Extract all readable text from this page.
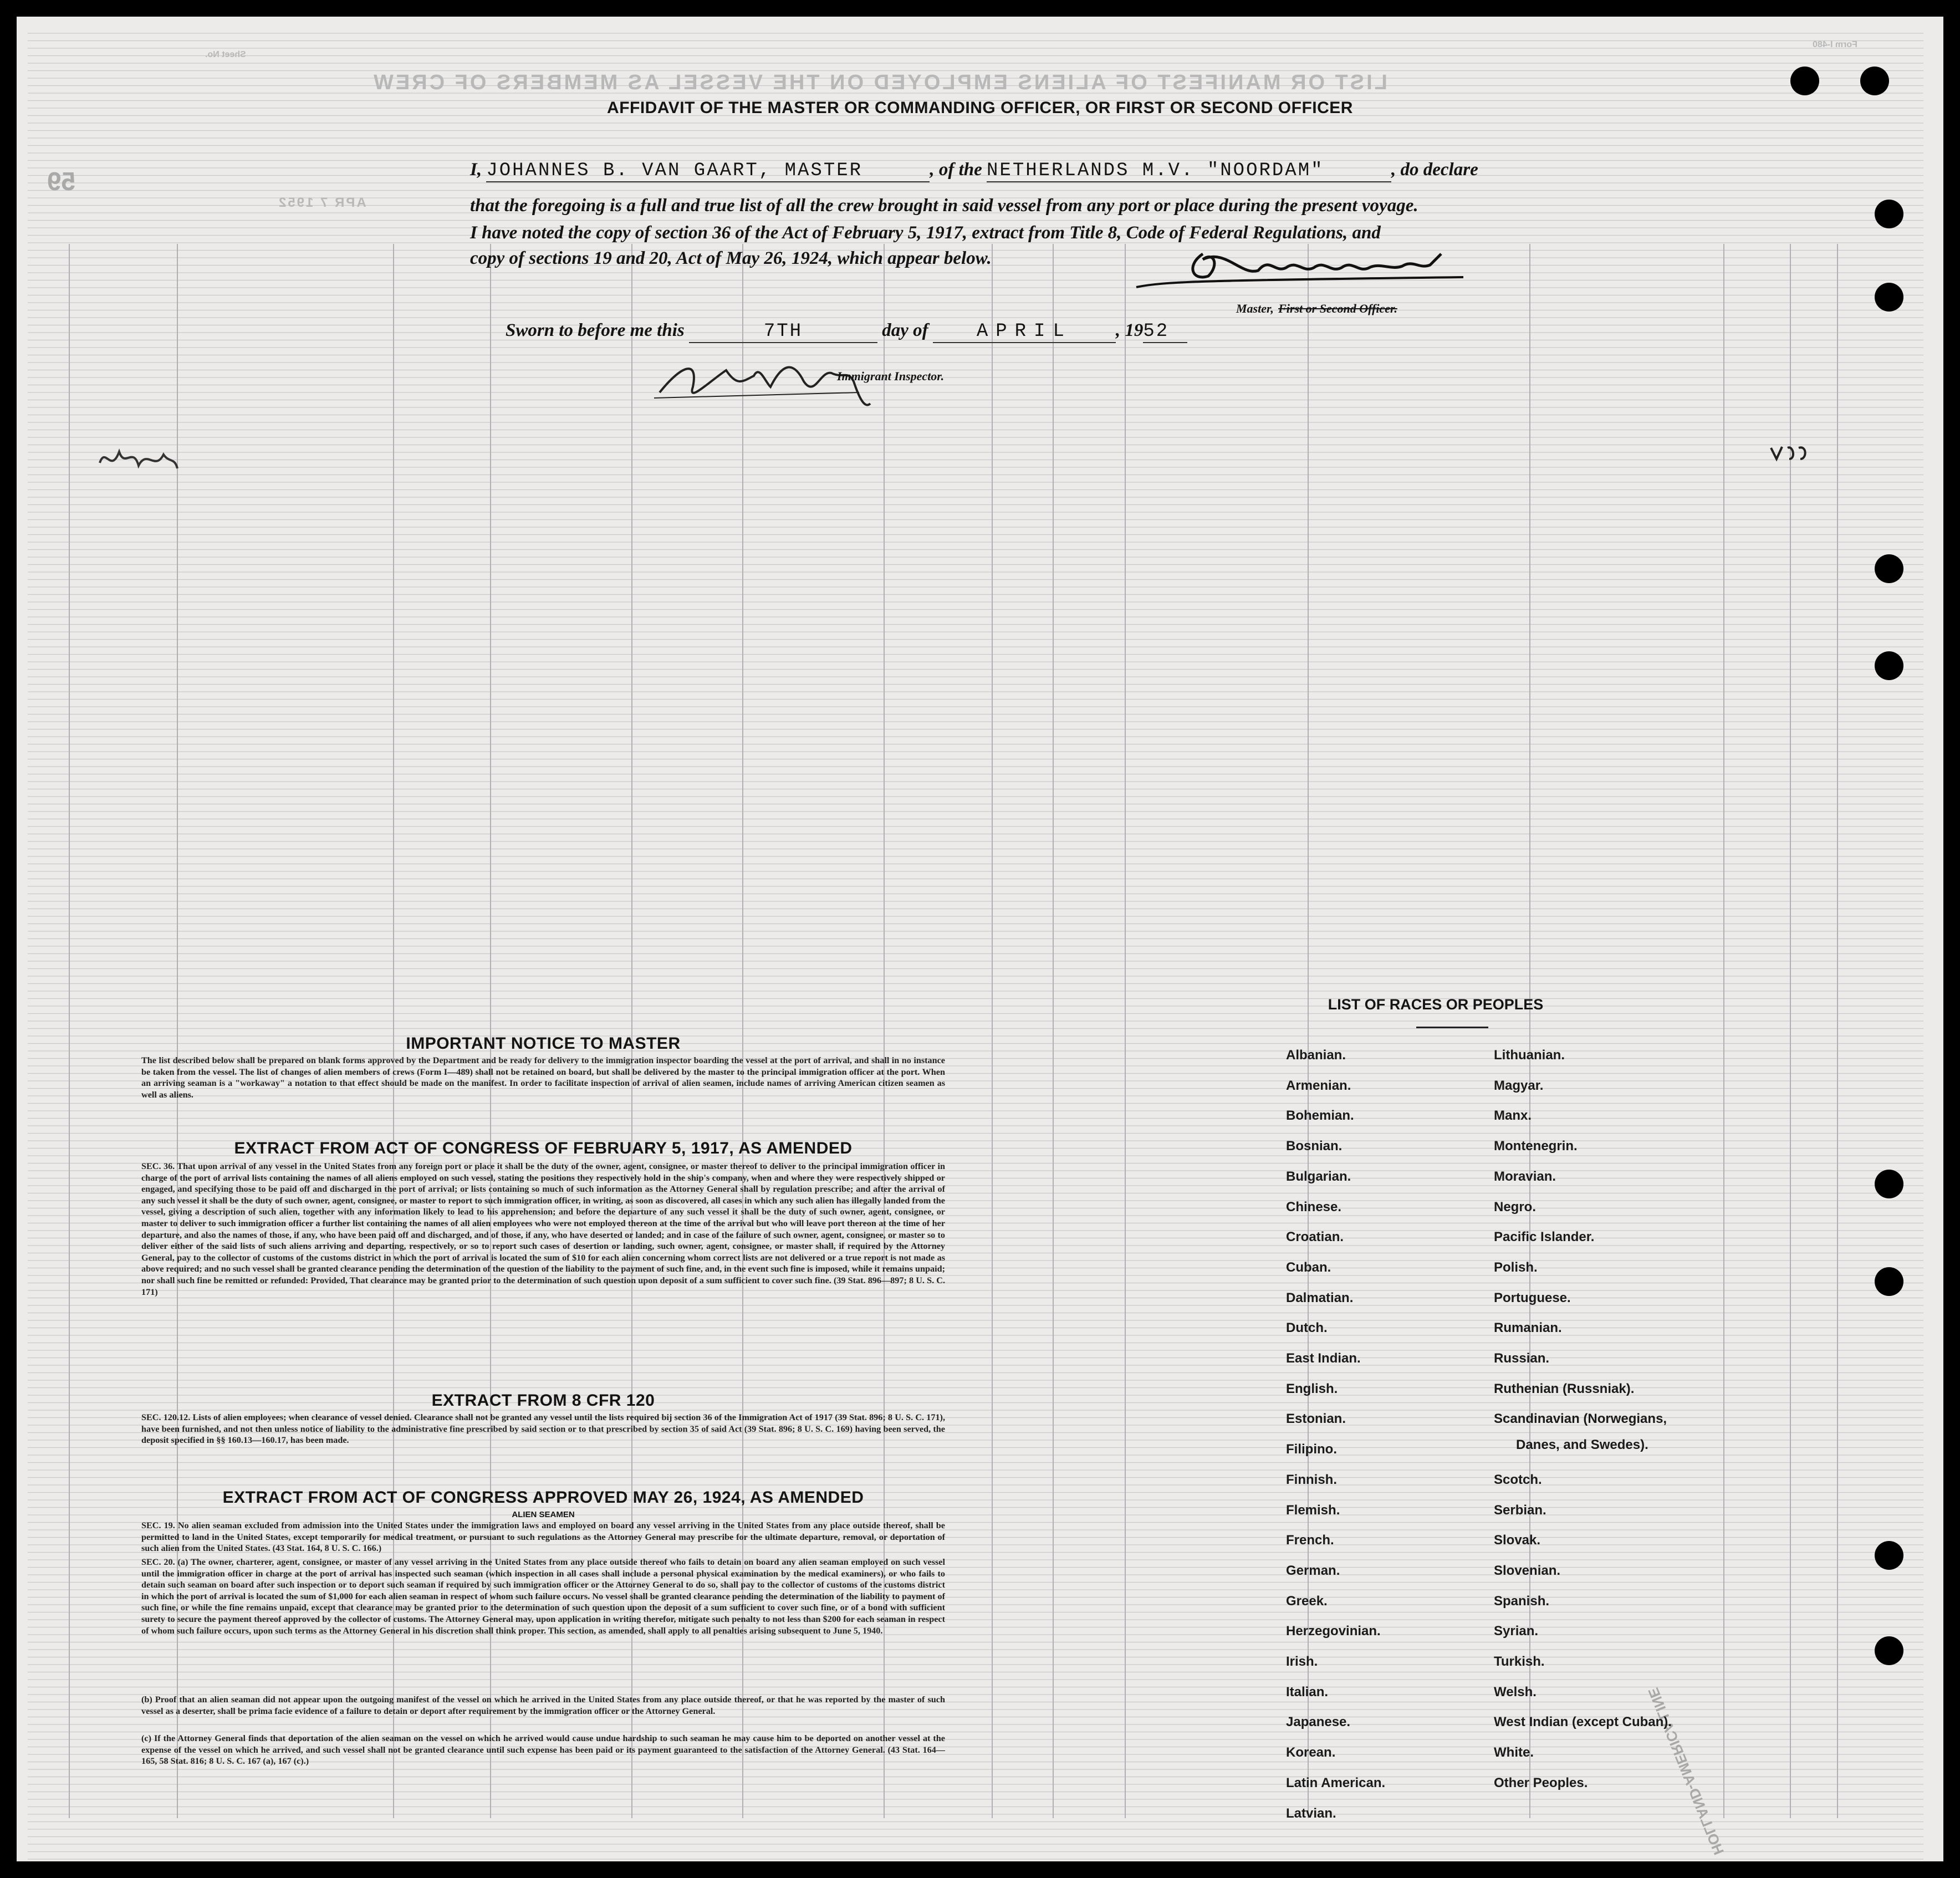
LIST OR MANIFEST OF ALIENS EMPLOYED ON THE VESSEL AS MEMBERS OF CREW
Form I-480
Sheet No.
59
APR 7 1952
HOLLAND-AMERICA LINE
AFFIDAVIT OF THE MASTER OR COMMANDING OFFICER, OR FIRST OR SECOND OFFICER
I, JOHANNES B. VAN GAART, MASTER	, of the NETHERLANDS M.V. "NOORDAM"	, do declare
that the foregoing is a full and true list of all the crew brought in said vessel from any port or place during the present voyage.
I have noted the copy of section 36 of the Act of February 5, 1917, extract from Title 8, Code of Federal Regulations, and
copy of sections 19 and 20, Act of May 26, 1924, which appear below.
Master, First or Second Officer.
Sworn to before me this	7TH	day of	APRIL , 1952
Immigrant Inspector.
IMPORTANT NOTICE TO MASTER
The list described below shall be prepared on blank forms approved by the Department and be ready for delivery to the immigration inspector boarding the vessel at the port of arrival, and shall in no instance be taken from the vessel. The list of changes of alien members of crews (Form I—489) shall not be retained on board, but shall be delivered by the master to the principal immigration officer at the port. When an arriving seaman is a "workaway" a notation to that effect should be made on the manifest. In order to facilitate inspection of arrival of alien seamen, include names of arriving American citizen seamen as well as aliens.
EXTRACT FROM ACT OF CONGRESS OF FEBRUARY 5, 1917, AS AMENDED
SEC. 36. That upon arrival of any vessel in the United States from any foreign port or place it shall be the duty of the owner, agent, consignee, or master thereof to deliver to the principal immigration officer in charge of the port of arrival lists containing the names of all aliens employed on such vessel, stating the positions they respectively hold in the ship's company, when and where they were respectively shipped or engaged, and specifying those to be paid off and discharged in the port of arrival; or lists containing so much of such information as the Attorney General shall by regulation prescribe; and after the arrival of any such vessel it shall be the duty of such owner, agent, consignee, or master to report to such immigration officer, in writing, as soon as discovered, all cases in which any such alien has illegally landed from the vessel, giving a description of such alien, together with any information likely to lead to his apprehension; and before the departure of any such vessel it shall be the duty of such owner, agent, consignee, or master to deliver to such immigration officer a further list containing the names of all alien employees who were not employed thereon at the time of the arrival but who will leave port thereon at the time of her departure, and also the names of those, if any, who have been paid off and discharged, and of those, if any, who have deserted or landed; and in case of the failure of such owner, agent, consignee, or master so to deliver either of the said lists of such aliens arriving and departing, respectively, or so to report such cases of desertion or landing, such owner, agent, consignee, or master shall, if required by the Attorney General, pay to the collector of customs of the customs district in which the port of arrival is located the sum of $10 for each alien concerning whom correct lists are not delivered or a true report is not made as above required; and no such vessel shall be granted clearance pending the determination of the question of the liability to the payment of such fine, and, in the event such fine is imposed, while it remains unpaid; nor shall such fine be remitted or refunded: Provided, That clearance may be granted prior to the determination of such question upon deposit of a sum sufficient to cover such fine. (39 Stat. 896—897; 8 U. S. C. 171)
EXTRACT FROM 8 CFR 120
SEC. 120.12. Lists of alien employees; when clearance of vessel denied. Clearance shall not be granted any vessel until the lists required bij section 36 of the Immigration Act of 1917 (39 Stat. 896; 8 U. S. C. 171), have been furnished, and not then unless notice of liability to the administrative fine prescribed by said section or to that prescribed by section 35 of said Act (39 Stat. 896; 8 U. S. C. 169) having been served, the deposit specified in §§ 160.13—160.17, has been made.
EXTRACT FROM ACT OF CONGRESS APPROVED MAY 26, 1924, AS AMENDED
ALIEN SEAMEN
SEC. 19. No alien seaman excluded from admission into the United States under the immigration laws and employed on board any vessel arriving in the United States from any place outside thereof, shall be permitted to land in the United States, except temporarily for medical treatment, or pursuant to such regulations as the Attorney General may prescribe for the ultimate departure, removal, or deportation of such alien from the United States. (43 Stat. 164, 8 U. S. C. 166.)
SEC. 20. (a) The owner, charterer, agent, consignee, or master of any vessel arriving in the United States from any place outside thereof who fails to detain on board any alien seaman employed on such vessel until the immigration officer in charge at the port of arrival has inspected such seaman (which inspection in all cases shall include a personal physical examination by the medical examiners), or who fails to detain such seaman on board after such inspection or to deport such seaman if required by such immigration officer or the Attorney General to do so, shall pay to the collector of customs of the customs district in which the port of arrival is located the sum of $1,000 for each alien seaman in respect of whom such failure occurs. No vessel shall be granted clearance pending the determination of the liability to payment of such fine, or while the fine remains unpaid, except that clearance may be granted prior to the determination of such question upon the deposit of a sum sufficient to cover such fine, or of a bond with sufficient surety to secure the payment thereof approved by the collector of customs. The Attorney General may, upon application in writing therefor, mitigate such penalty to not less than $200 for each seaman in respect of whom such failure occurs, upon such terms as the Attorney General in his discretion shall think proper. This section, as amended, shall apply to all penalties arising subsequent to June 5, 1940.
(b) Proof that an alien seaman did not appear upon the outgoing manifest of the vessel on which he arrived in the United States from any place outside thereof, or that he was reported by the master of such vessel as a deserter, shall be prima facie evidence of a failure to detain or deport after requirement by the immigration officer or the Attorney General.
(c) If the Attorney General finds that deportation of the alien seaman on the vessel on which he arrived would cause undue hardship to such seaman he may cause him to be deported on another vessel at the expense of the vessel on which he arrived, and such vessel shall not be granted clearance until such expense has been paid or its payment guaranteed to the satisfaction of the Attorney General. (43 Stat. 164—165, 58 Stat. 816; 8 U. S. C. 167 (a), 167 (c).)
LIST OF RACES OR PEOPLES
Albanian.
Armenian.
Bohemian.
Bosnian.
Bulgarian.
Chinese.
Croatian.
Cuban.
Dalmatian.
Dutch.
East Indian.
English.
Estonian.
Filipino.
Finnish.
Flemish.
French.
German.
Greek.
Herzegovinian.
Irish.
Italian.
Japanese.
Korean.
Latin American.
Latvian.
Lithuanian.
Magyar.
Manx.
Montenegrin.
Moravian.
Negro.
Pacific Islander.
Polish.
Portuguese.
Rumanian.
Russian.
Ruthenian (Russniak).
Scandinavian (Norwegians,
Danes, and Swedes).
Scotch.
Serbian.
Slovak.
Slovenian.
Spanish.
Syrian.
Turkish.
Welsh.
West Indian (except Cuban).
White.
Other Peoples.
